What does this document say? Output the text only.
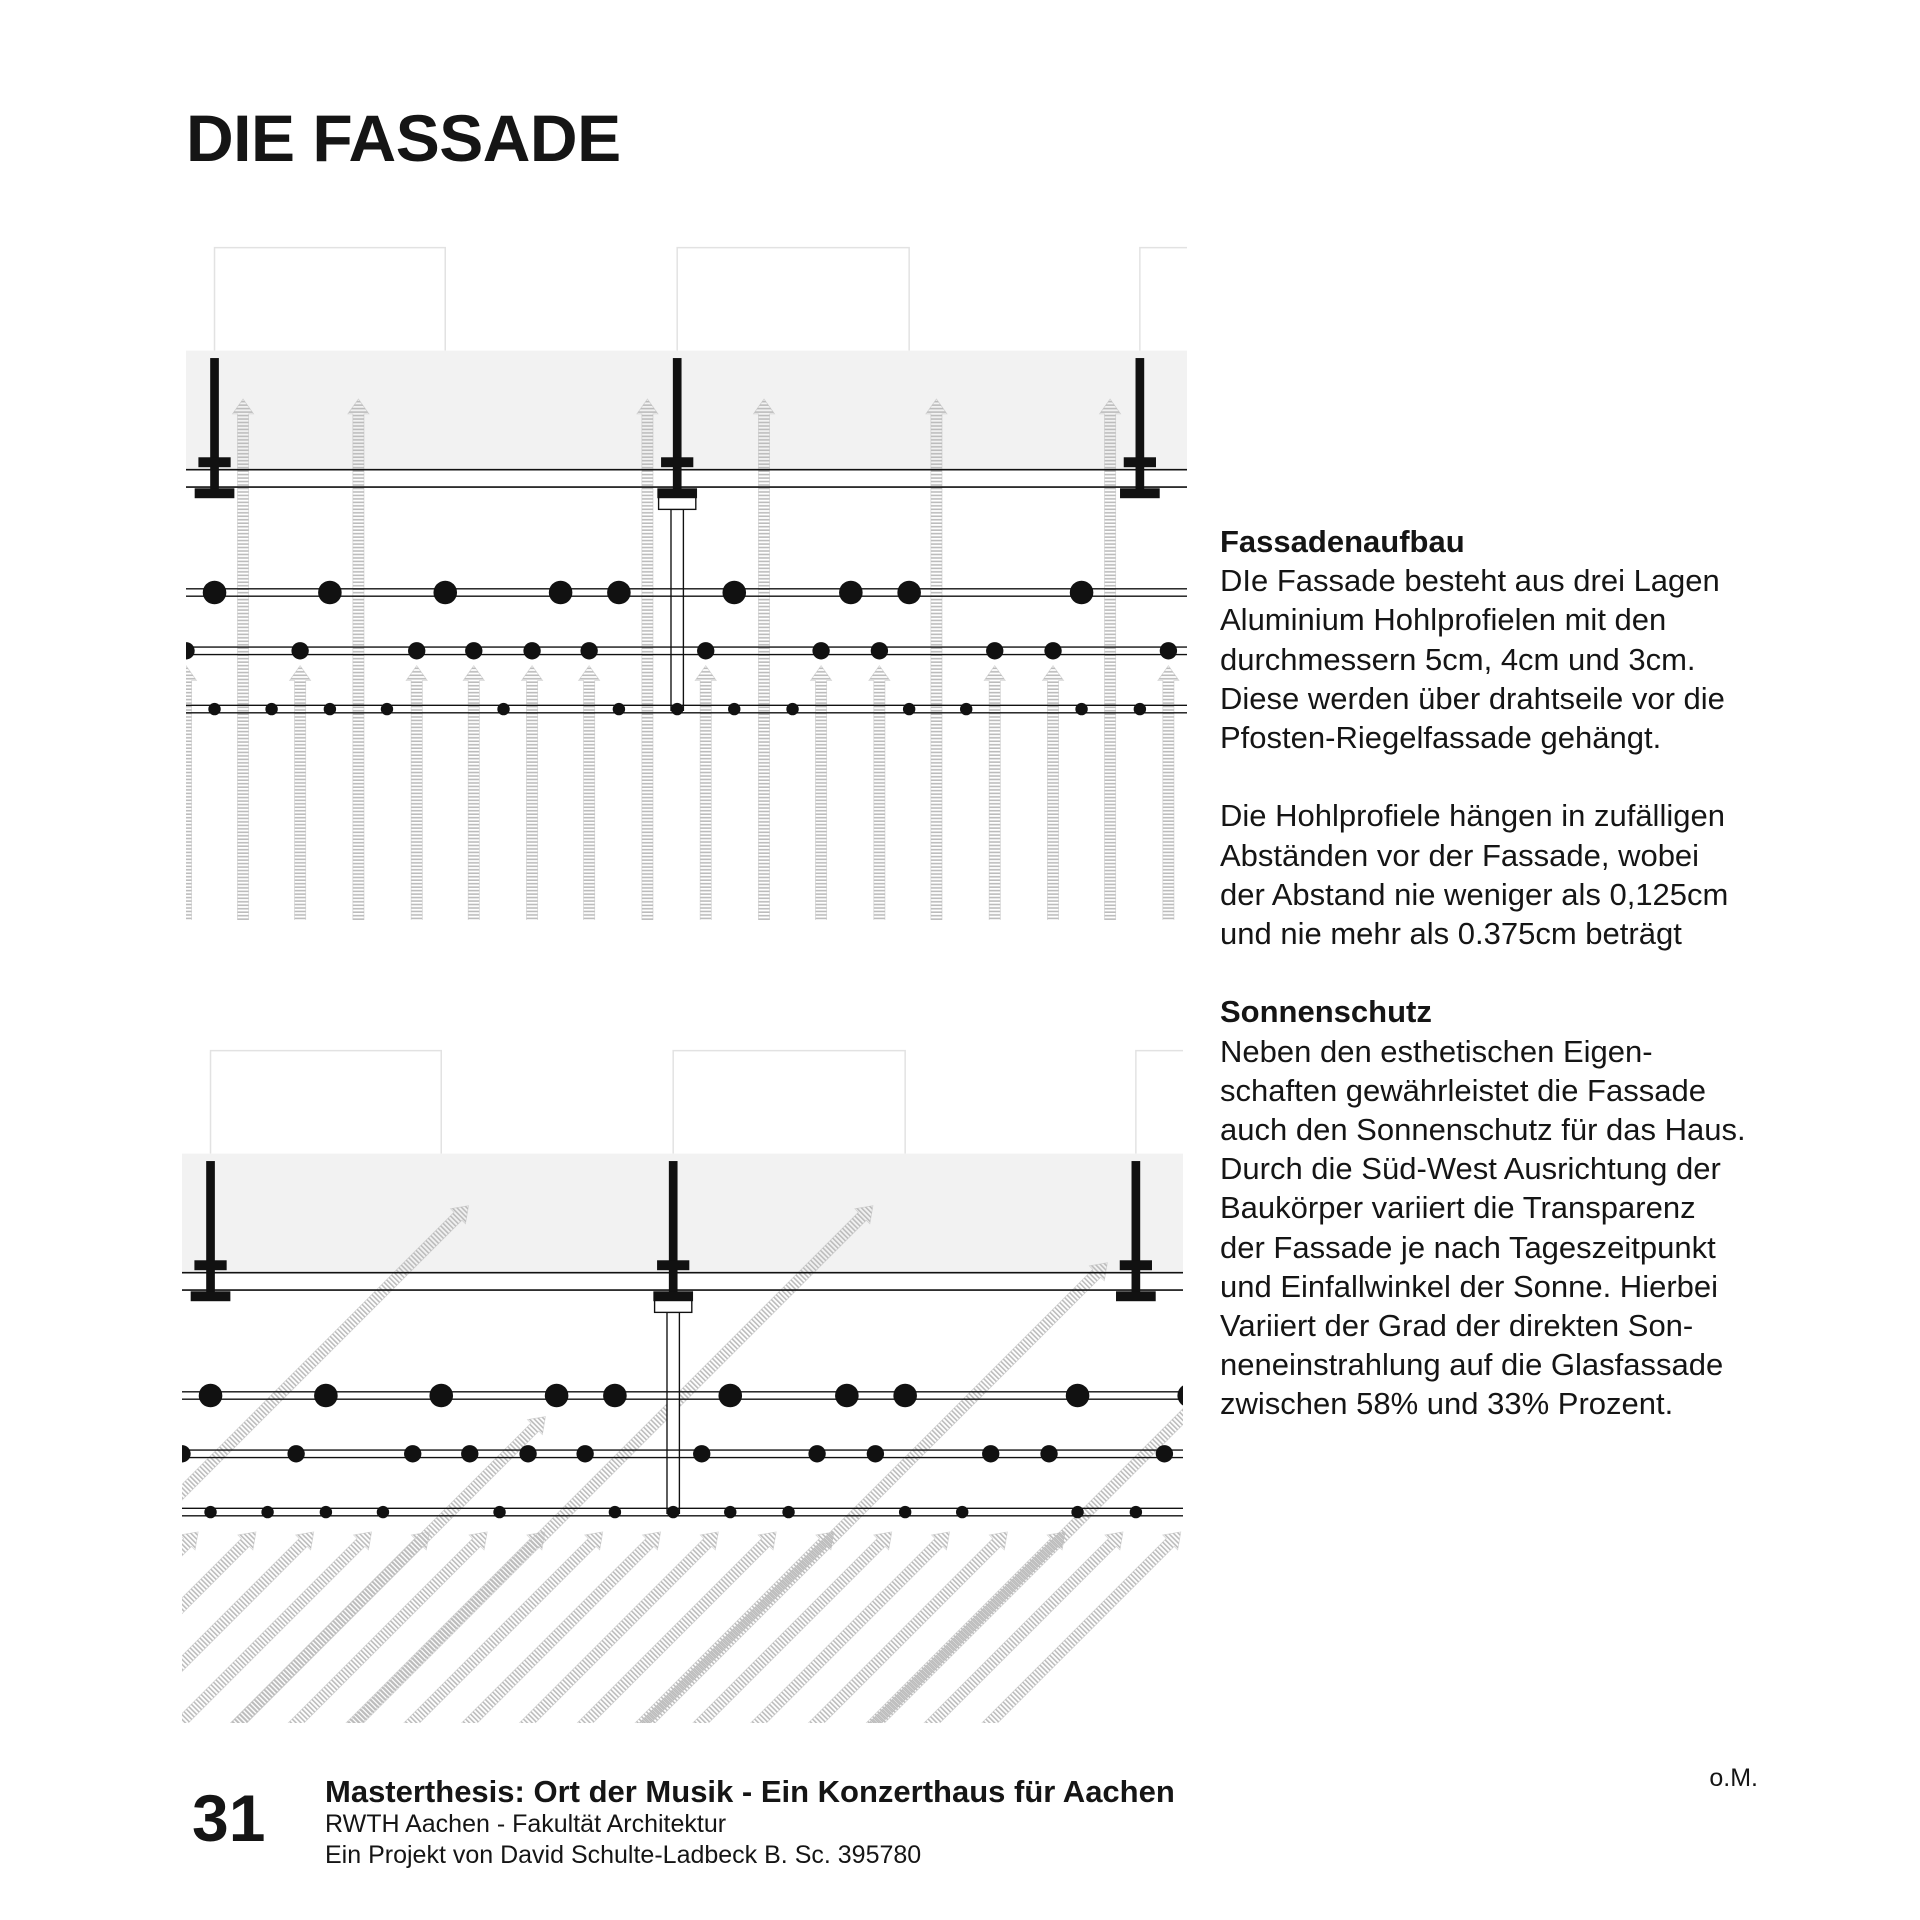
DIE FASSADE

Fassadenaufbau

DIe Fassade besteht aus drei Lagen
Aluminium Hohlprofielen mit den
durchmessern 5cm, 4cm und 3cm.
Diese werden über drahtseile vor die
Pfosten-Riegelfassade gehängt.

Die Hohlprofiele hängen in zufälligen
Abständen vor der Fassade, wobei
der Abstand nie weniger als 0,125cm
und nie mehr als 0.375cm beträgt

Sonnenschutz

Neben den esthetischen Eigen-
schaften gewährleistet die Fassade
auch den Sonnenschutz für das Haus.
Durch die Süd-West Ausrichtung der
Baukörper variiert die Transparenz
der Fassade je nach Tageszeitpunkt
und Einfallwinkel der Sonne. Hierbei
Variiert der Grad der direkten Son-
neneinstrahlung auf die Glasfassade
zwischen 58% und 33% Prozent.

31 Masterthesis: Ort der Musik - Ein Konzerthaus für Aachen
RWTH Aachen - Fakultät Architektur
Ein Projekt von David Schulte-Ladbeck B. Sc. 395780
o.M.
